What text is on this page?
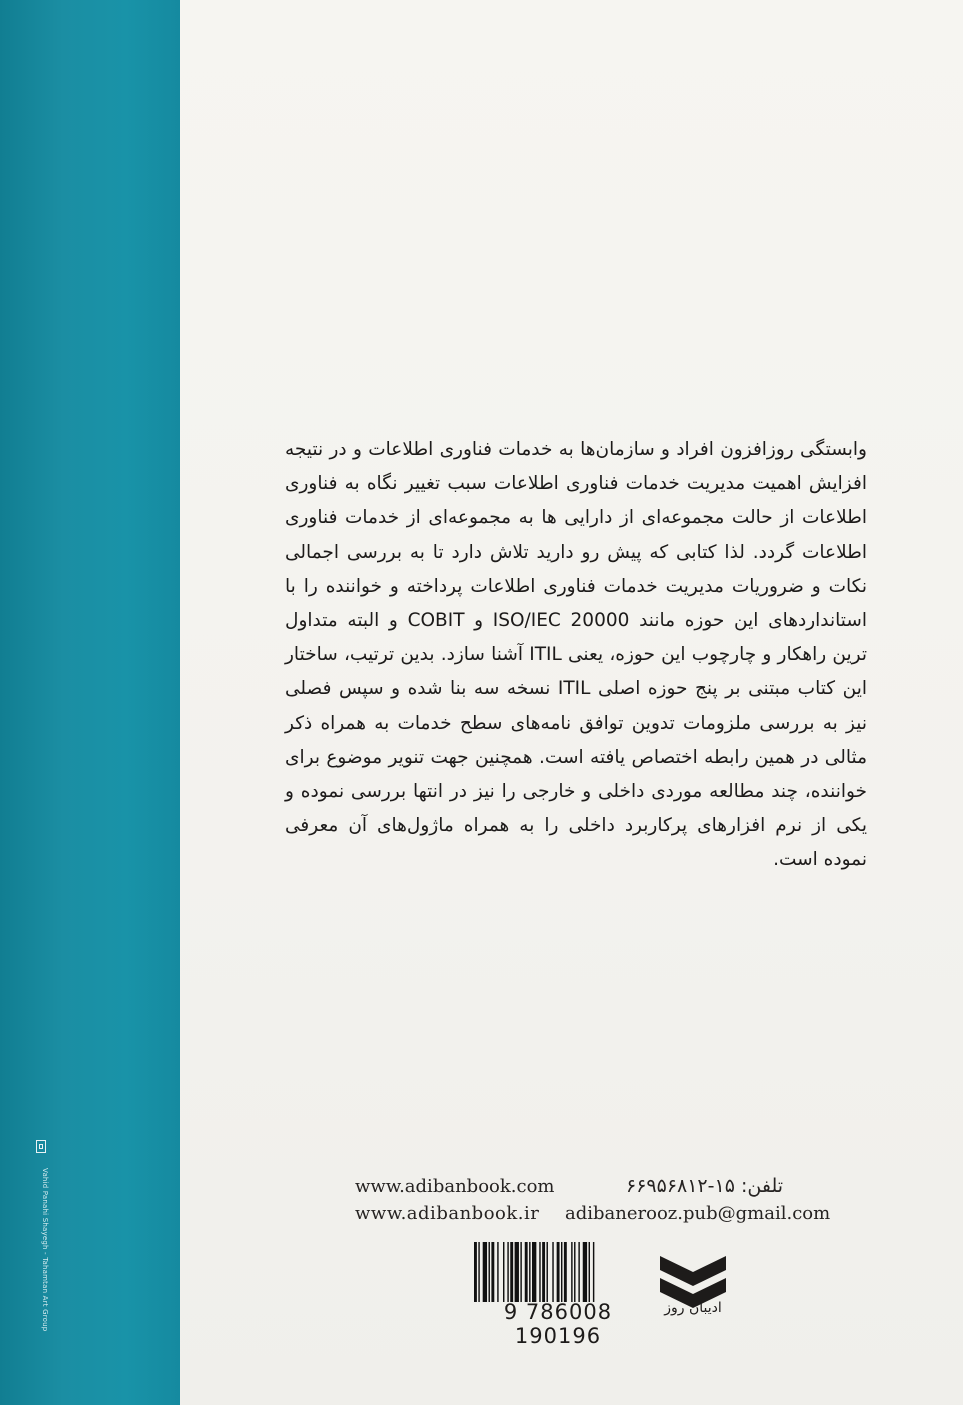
Vahid Panahi Shayegh - Tahamtan Art Group
وابستگی روزافزون افراد و سازمان‌ها به خدمات فناوری اطلاعات و در نتیجه افزایش اهمیت مدیریت خدمات فناوری اطلاعات سبب تغییر نگاه به فناوری اطلاعات از حالت مجموعه‌ای از دارایی ها به مجموعه‌ای از خدمات فناوری اطلاعات گردد. لذا کتابی که پیش رو دارید تلاش دارد تا به بررسی اجمالی نکات و ضروریات مدیریت خدمات فناوری اطلاعات پرداخته و خواننده را با استانداردهای این حوزه مانند ISO/IEC 20000 و COBIT و البته متداول ترین راهکار و چارچوب این حوزه، یعنی ITIL آشنا سازد. بدین ترتیب، ساختار این کتاب مبتنی بر پنج حوزه اصلی ITIL نسخه سه بنا شده و سپس فصلی نیز به بررسی ملزومات تدوین توافق نامه‌های سطح خدمات به همراه ذکر مثالی در همین رابطه اختصاص یافته است. همچنین جهت تنویر موضوع برای خواننده، چند مطالعه موردی داخلی و خارجی را نیز در انتها بررسی نموده و یکی از نرم افزارهای پرکاربرد داخلی را به همراه ماژول‌های آن معرفی نموده است.
تلفن: ۱۵-۶۶۹۵۶۸۱۲
www.adibanbook.com
www.adibanbook.ir adibanerooz.pub@gmail.com
9 786008 190196
ادیبان روز
